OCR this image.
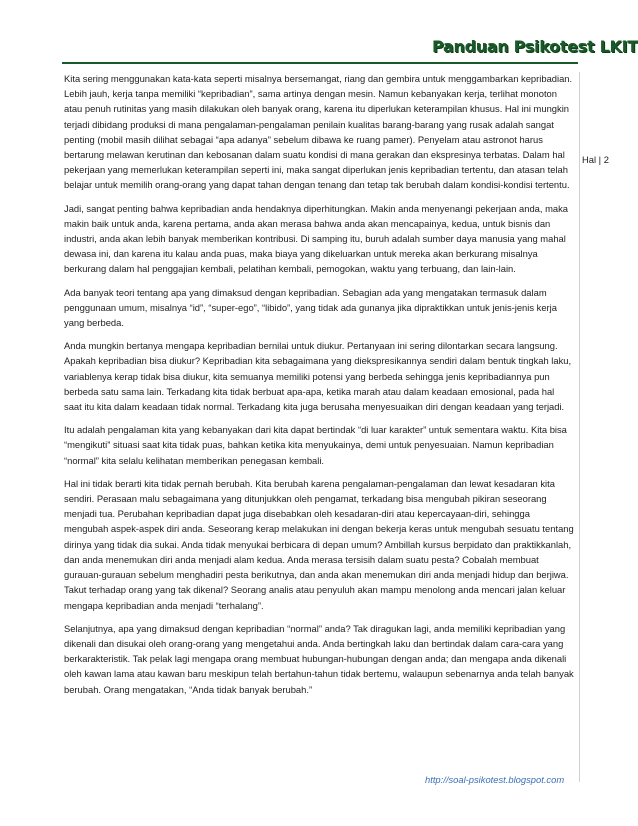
Panduan Psikotest LKIT

Kita sering menggunakan kata-kata seperti misalnya bersemangat, riang dan gembira untuk menggambarkan kepribadian. Lebih jauh, kerja tanpa memiliki “kepribadian”, sama artinya dengan mesin. Namun kebanyakan kerja, terlihat monoton atau penuh rutinitas yang masih dilakukan oleh banyak orang, karena itu diperlukan keterampilan khusus. Hal ini mungkin terjadi dibidang produksi di mana pengalaman-pengalaman penilain kualitas barang-barang yang rusak adalah sangat penting (mobil masih dilihat sebagai “apa adanya” sebelum dibawa ke ruang pamer). Penyelam atau astronot harus bertarung melawan kerutinan dan kebosanan dalam suatu kondisi di mana gerakan dan ekspresinya terbatas. Dalam hal pekerjaan yang memerlukan keterampilan seperti ini, maka sangat diperlukan jenis kepribadian tertentu, dan atasan telah belajar untuk memilih orang-orang yang dapat tahan dengan tenang dan tetap tak berubah dalam kondisi-kondisi tertentu.

Jadi, sangat penting bahwa kepribadian anda hendaknya diperhitungkan. Makin anda menyenangi pekerjaan anda, maka makin baik untuk anda, karena pertama, anda akan merasa bahwa anda akan mencapainya, kedua, untuk bisnis dan industri, anda akan lebih banyak memberikan kontribusi. Di samping itu, buruh adalah sumber daya manusia yang mahal dewasa ini, dan karena itu kalau anda puas, maka biaya yang dikeluarkan untuk mereka akan berkurang misalnya berkurang dalam hal penggajian kembali, pelatihan kembali, pemogokan, waktu yang terbuang, dan lain-lain.

Ada banyak teori tentang apa yang dimaksud dengan kepribadian. Sebagian ada yang mengatakan termasuk dalam penggunaan umum, misalnya “id”, “super-ego”, “libido”, yang tidak ada gunanya jika dipraktikkan untuk jenis-jenis kerja yang berbeda.

Anda mungkin bertanya mengapa kepribadian bernilai untuk diukur. Pertanyaan ini sering dilontarkan secara langsung. Apakah kepribadian bisa diukur? Kepribadian kita sebagaimana yang diekspresikannya sendiri dalam bentuk tingkah laku, variablenya kerap tidak bisa diukur, kita semuanya memiliki potensi yang berbeda sehingga jenis kepribadiannya pun berbeda satu sama lain. Terkadang kita tidak berbuat apa-apa, ketika marah atau dalam keadaan emosional, pada hal saat itu kita dalam keadaan tidak normal. Terkadang kita juga berusaha menyesuaikan diri dengan keadaan yang terjadi.

Itu adalah pengalaman kita yang kebanyakan dari kita dapat bertindak “di luar karakter” untuk sementara waktu. Kita bisa “mengikuti” situasi saat kita tidak puas, bahkan ketika kita menyukainya, demi untuk penyesuaian. Namun kepribadian “normal” kita selalu kelihatan memberikan penegasan kembali.

Hal ini tidak berarti kita tidak pernah berubah. Kita berubah karena pengalaman-pengalaman dan lewat kesadaran kita sendiri. Perasaan malu sebagaimana yang ditunjukkan oleh pengamat, terkadang bisa mengubah pikiran seseorang menjadi tua. Perubahan kepribadian dapat juga disebabkan oleh kesadaran-diri atau kepercayaan-diri, sehingga mengubah aspek-aspek diri anda. Seseorang kerap melakukan ini dengan bekerja keras untuk mengubah sesuatu tentang dirinya yang tidak dia sukai. Anda tidak menyukai berbicara di depan umum? Ambillah kursus berpidato dan praktikkanlah, dan anda menemukan diri anda menjadi alam kedua. Anda merasa tersisih dalam suatu pesta? Cobalah membuat gurauan-gurauan sebelum menghadiri pesta berikutnya, dan anda akan menemukan diri anda menjadi hidup dan berjiwa. Takut terhadap orang yang tak dikenal? Seorang analis atau penyuluh akan mampu menolong anda mencari jalan keluar mengapa kepribadian anda menjadi “terhalang”.

Selanjutnya, apa yang dimaksud dengan kepribadian “normal” anda? Tak diragukan lagi, anda memiliki kepribadian yang dikenali dan disukai oleh orang-orang yang mengetahui anda. Anda bertingkah laku dan bertindak dalam cara-cara yang berkarakteristik. Tak pelak lagi mengapa orang membuat hubungan-hubungan dengan anda; dan mengapa anda dikenali oleh kawan lama atau kawan baru meskipun telah bertahun-tahun tidak bertemu, walaupun sebenarnya anda telah banyak berubah. Orang mengatakan, “Anda tidak banyak berubah.”

Hal | 2
http://soal-psikotest.blogspot.com
